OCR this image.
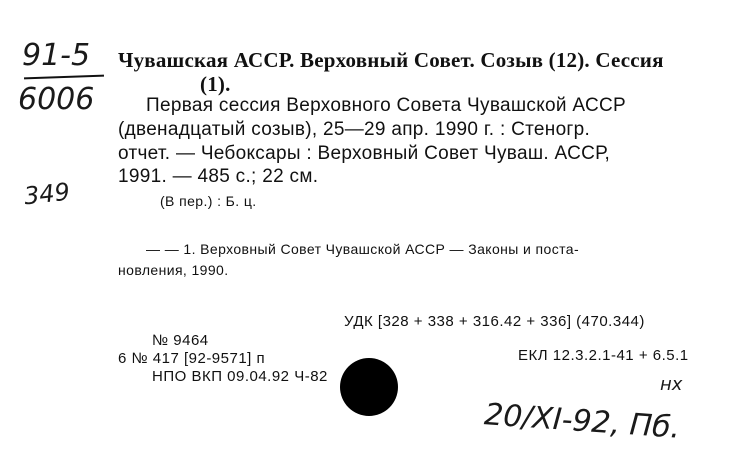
91-5
6006
349
Чувашская АССР. Верховный Совет. Созыв (12). Сессия
(1).
Первая сессия Верховного Совета Чувашской АССР
(двенадцатый созыв), 25—29 апр. 1990 г. : Стеногр.
отчет. — Чебоксары : Верховный Совет Чуваш. АССР,
1991. — 485 с.; 22 см.
(В пер.) : Б. ц.
— — 1. Верховный Совет Чувашской АССР — Законы и поста-
новления, 1990.
УДК [328 + 338 + 316.42 + 336] (470.344)
№ 9464
6 № 417 [92-9571] п	ЕКЛ 12.3.2.1-41 + 6.5.1
НПО ВКП 09.04.92 Ч-82	нх
20/XI-92, Пб.
